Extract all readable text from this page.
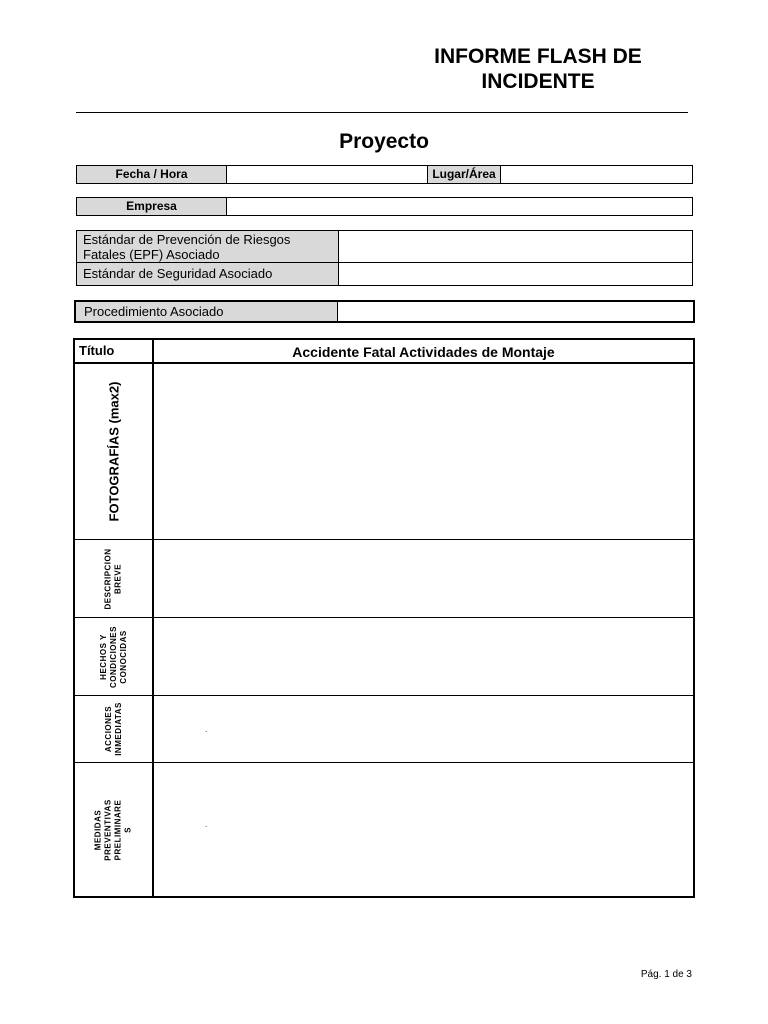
INFORME FLASH DE
INCIDENTE
Proyecto
Fecha / Hora	Lugar/Área
Empresa
Estándar de Prevención de Riesgos Fatales (EPF) Asociado
Estándar de Seguridad Asociado
Procedimiento Asociado
Título	Accidente Fatal Actividades de Montaje
FOTOGRAFÍAS (max2)
DESCRIPCION
BREVE
HECHOS Y
CONDICIONES
CONOCIDAS
ACCIONES
INMEDIATAS	.
MEDIDAS
PREVENTIVAS
PRELIMINARE
S
.
Pág. 1 de 3
